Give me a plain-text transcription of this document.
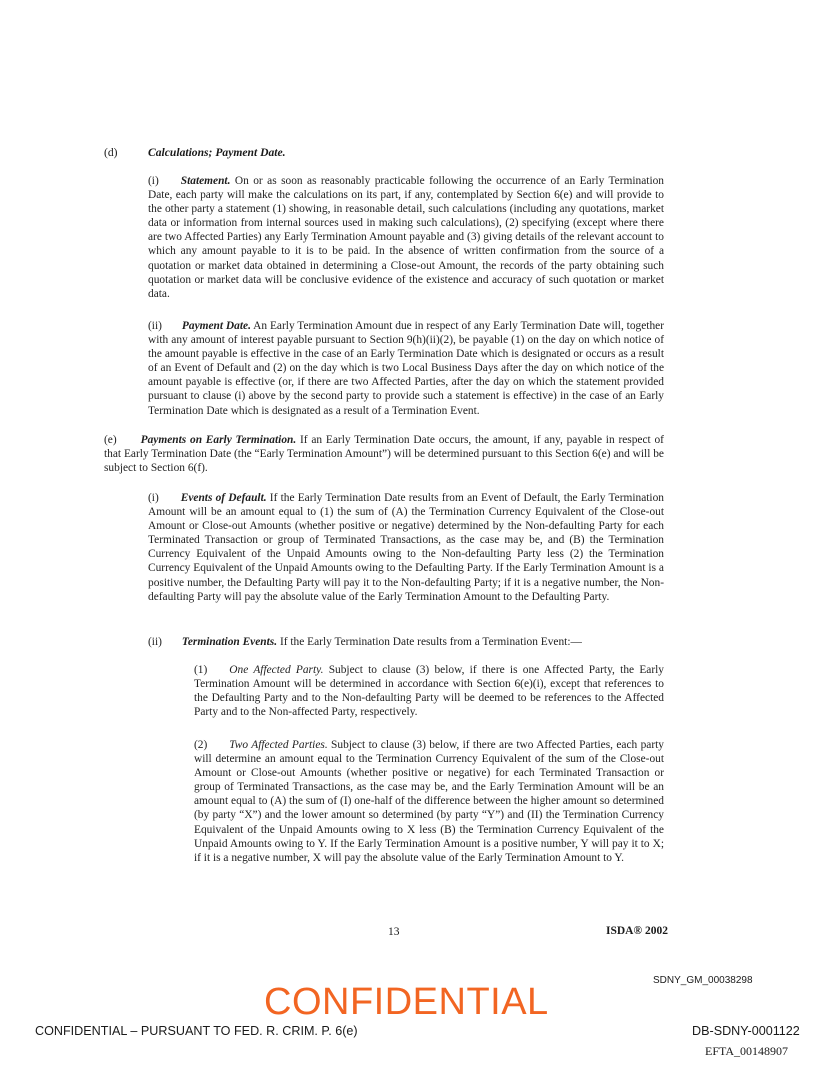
(d)	Calculations; Payment Date.
(i) Statement. On or as soon as reasonably practicable following the occurrence of an Early Termination Date, each party will make the calculations on its part, if any, contemplated by Section 6(e) and will provide to the other party a statement (1) showing, in reasonable detail, such calculations (including any quotations, market data or information from internal sources used in making such calculations), (2) specifying (except where there are two Affected Parties) any Early Termination Amount payable and (3) giving details of the relevant account to which any amount payable to it is to be paid. In the absence of written confirmation from the source of a quotation or market data obtained in determining a Close-out Amount, the records of the party obtaining such quotation or market data will be conclusive evidence of the existence and accuracy of such quotation or market data.
(ii) Payment Date. An Early Termination Amount due in respect of any Early Termination Date will, together with any amount of interest payable pursuant to Section 9(h)(ii)(2), be payable (1) on the day on which notice of the amount payable is effective in the case of an Early Termination Date which is designated or occurs as a result of an Event of Default and (2) on the day which is two Local Business Days after the day on which notice of the amount payable is effective (or, if there are two Affected Parties, after the day on which the statement provided pursuant to clause (i) above by the second party to provide such a statement is effective) in the case of an Early Termination Date which is designated as a result of a Termination Event.
(e) Payments on Early Termination. If an Early Termination Date occurs, the amount, if any, payable in respect of that Early Termination Date (the “Early Termination Amount”) will be determined pursuant to this Section 6(e) and will be subject to Section 6(f).
(i) Events of Default. If the Early Termination Date results from an Event of Default, the Early Termination Amount will be an amount equal to (1) the sum of (A) the Termination Currency Equivalent of the Close-out Amount or Close-out Amounts (whether positive or negative) determined by the Non-defaulting Party for each Terminated Transaction or group of Terminated Transactions, as the case may be, and (B) the Termination Currency Equivalent of the Unpaid Amounts owing to the Non-defaulting Party less (2) the Termination Currency Equivalent of the Unpaid Amounts owing to the Defaulting Party. If the Early Termination Amount is a positive number, the Defaulting Party will pay it to the Non-defaulting Party; if it is a negative number, the Non-defaulting Party will pay the absolute value of the Early Termination Amount to the Defaulting Party.
(ii) Termination Events. If the Early Termination Date results from a Termination Event:—
(1) One Affected Party. Subject to clause (3) below, if there is one Affected Party, the Early Termination Amount will be determined in accordance with Section 6(e)(i), except that references to the Defaulting Party and to the Non-defaulting Party will be deemed to be references to the Affected Party and to the Non-affected Party, respectively.
(2) Two Affected Parties. Subject to clause (3) below, if there are two Affected Parties, each party will determine an amount equal to the Termination Currency Equivalent of the sum of the Close-out Amount or Close-out Amounts (whether positive or negative) for each Terminated Transaction or group of Terminated Transactions, as the case may be, and the Early Termination Amount will be an amount equal to (A) the sum of (I) one-half of the difference between the higher amount so determined (by party “X”) and the lower amount so determined (by party “Y”) and (II) the Termination Currency Equivalent of the Unpaid Amounts owing to X less (B) the Termination Currency Equivalent of the Unpaid Amounts owing to Y. If the Early Termination Amount is a positive number, Y will pay it to X; if it is a negative number, X will pay the absolute value of the Early Termination Amount to Y.
13	ISDA® 2002
SDNY_GM_00038298
CONFIDENTIAL
CONFIDENTIAL – PURSUANT TO FED. R. CRIM. P. 6(e)	DB-SDNY-0001122
EFTA_00148907
